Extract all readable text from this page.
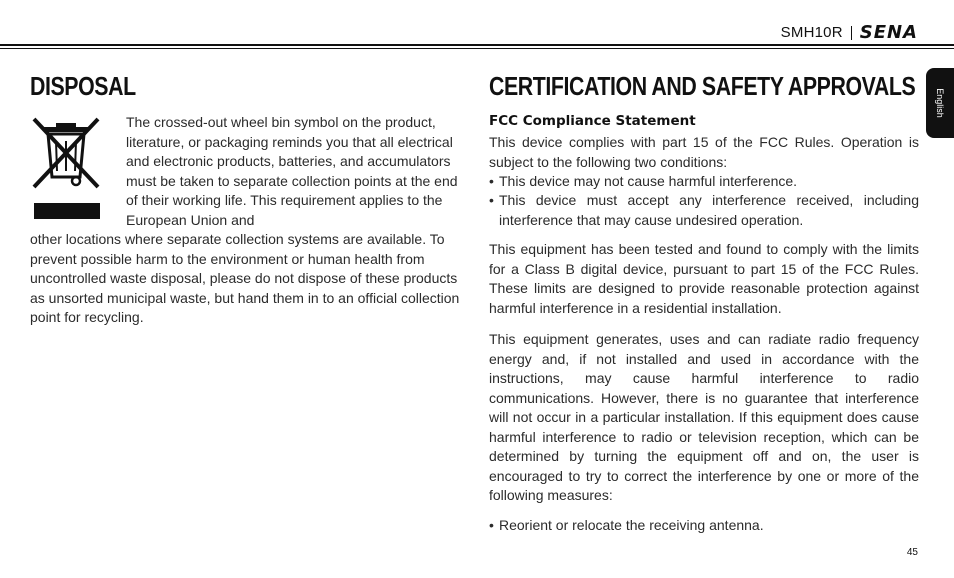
SMH10R SENA
English
DISPOSAL

The crossed-out wheel bin symbol on the product, literature, or packaging reminds you that all electrical and electronic products, batteries, and accumulators must be taken to separate collection points at the end of their working life. This requirement applies to the European Union and

other locations where separate collection systems are available. To prevent possible harm to the environment or human health from uncontrolled waste disposal, please do not dispose of these products as unsorted municipal waste, but hand them in to an official collection point for recycling.

CERTIFICATION AND SAFETY APPROVALS

FCC Compliance Statement

This device complies with part 15 of the FCC Rules. Operation is subject to the following two conditions:

• This device may not cause harmful interference.
• This device must accept any interference received, including interference that may cause undesired operation.

This equipment has been tested and found to comply with the limits for a Class B digital device, pursuant to part 15 of the FCC Rules. These limits are designed to provide reasonable protection against harmful interference in a residential installation.

This equipment generates, uses and can radiate radio frequency energy and, if not installed and used in accordance with the instructions, may cause harmful interference to radio communications. However, there is no guarantee that interference will not occur in a particular installation. If this equipment does cause harmful interference to radio or television reception, which can be determined by turning the equipment off and on, the user is encouraged to try to correct the interference by one or more of the following measures:

• Reorient or relocate the receiving antenna.
45
